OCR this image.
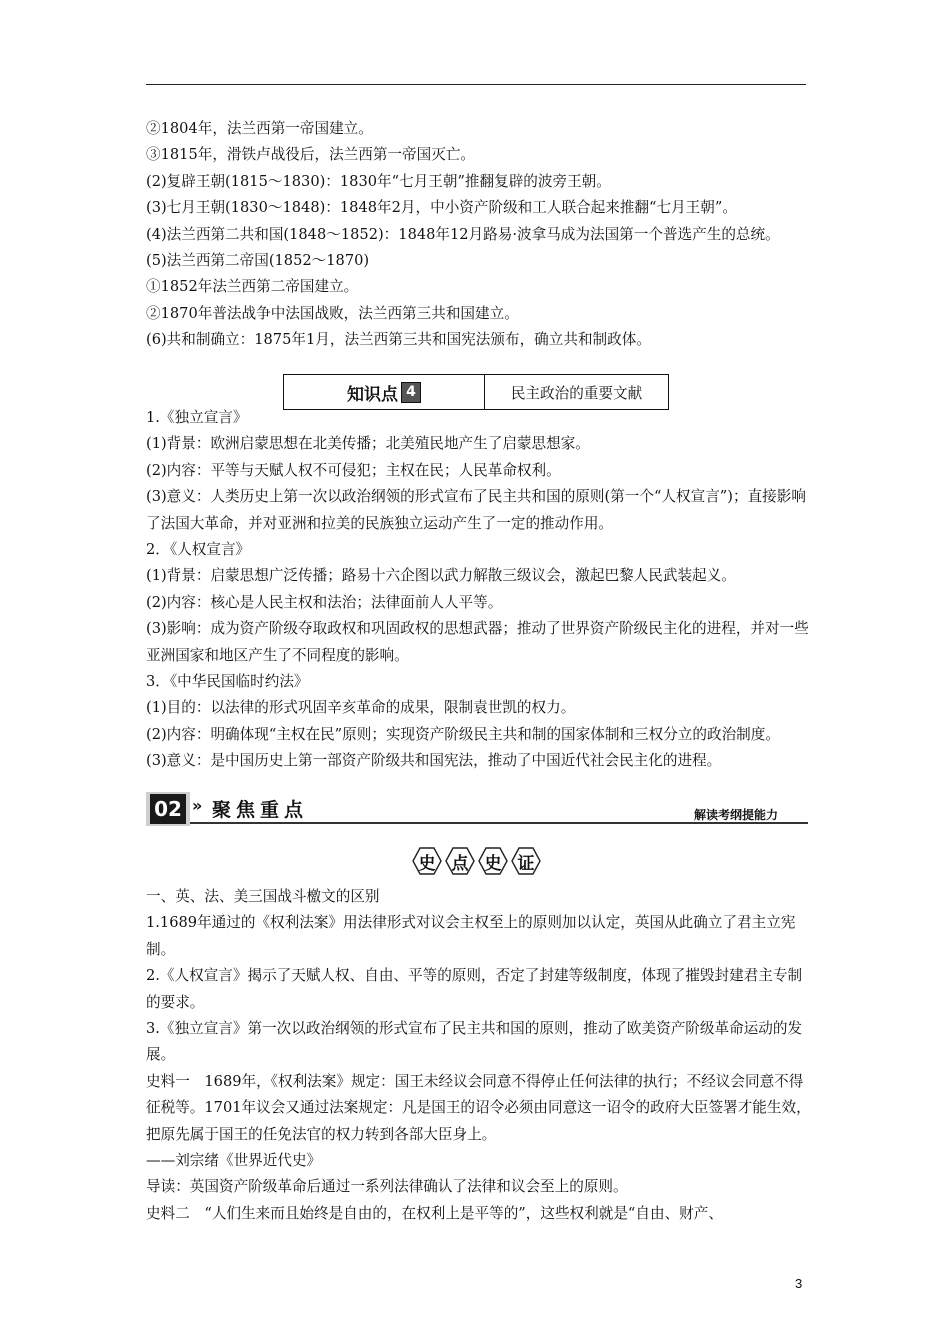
②1804年，法兰西第一帝国建立。

③1815年，滑铁卢战役后，法兰西第一帝国灭亡。

(2)复辟王朝(1815～1830)：1830年“七月王朝”推翻复辟的波旁王朝。

(3)七月王朝(1830～1848)：1848年2月，中小资产阶级和工人联合起来推翻“七月王朝”。

(4)法兰西第二共和国(1848～1852)：1848年12月路易·波拿马成为法国第一个普选产生的总统。

(5)法兰西第二帝国(1852～1870)

①1852年法兰西第二帝国建立。

②1870年普法战争中法国战败，法兰西第三共和国建立。

(6)共和制确立：1875年1月，法兰西第三共和国宪法颁布，确立共和制政体。

知识点 4	民主政治的重要文献

1.《独立宣言》

(1)背景：欧洲启蒙思想在北美传播；北美殖民地产生了启蒙思想家。

(2)内容：平等与天赋人权不可侵犯；主权在民；人民革命权利。

(3)意义：人类历史上第一次以政治纲领的形式宣布了民主共和国的原则(第一个“人权宣言”)；直接影响了法国大革命，并对亚洲和拉美的民族独立运动产生了一定的推动作用。

2．《人权宣言》

(1)背景：启蒙思想广泛传播；路易十六企图以武力解散三级议会，激起巴黎人民武装起义。

(2)内容：核心是人民主权和法治；法律面前人人平等。

(3)影响：成为资产阶级夺取政权和巩固政权的思想武器；推动了世界资产阶级民主化的进程，并对一些亚洲国家和地区产生了不同程度的影响。

3．《中华民国临时约法》

(1)目的：以法律的形式巩固辛亥革命的成果，限制袁世凯的权力。

(2)内容：明确体现“主权在民”原则；实现资产阶级民主共和制的国家体制和三权分立的政治制度。

(3)意义：是中国历史上第一部资产阶级共和国宪法，推动了中国近代社会民主化的进程。

02 » 聚焦重点	解读考纲提能力
史 点 史 证

一、英、法、美三国战斗檄文的区别

1.1689年通过的《权利法案》用法律形式对议会主权至上的原则加以认定，英国从此确立了君主立宪制。

2.《人权宣言》揭示了天赋人权、自由、平等的原则，否定了封建等级制度，体现了摧毁封建君主专制的要求。

3.《独立宣言》第一次以政治纲领的形式宣布了民主共和国的原则，推动了欧美资产阶级革命运动的发展。

史料一　1689年，《权利法案》规定：国王未经议会同意不得停止任何法律的执行；不经议会同意不得征税等。1701年议会又通过法案规定：凡是国王的诏令必须由同意这一诏令的政府大臣签署才能生效，把原先属于国王的任免法官的权力转到各部大臣身上。

——刘宗绪《世界近代史》

导读：英国资产阶级革命后通过一系列法律确认了法律和议会至上的原则。

史料二　“人们生来而且始终是自由的，在权利上是平等的”，这些权利就是“自由、财产、

3
